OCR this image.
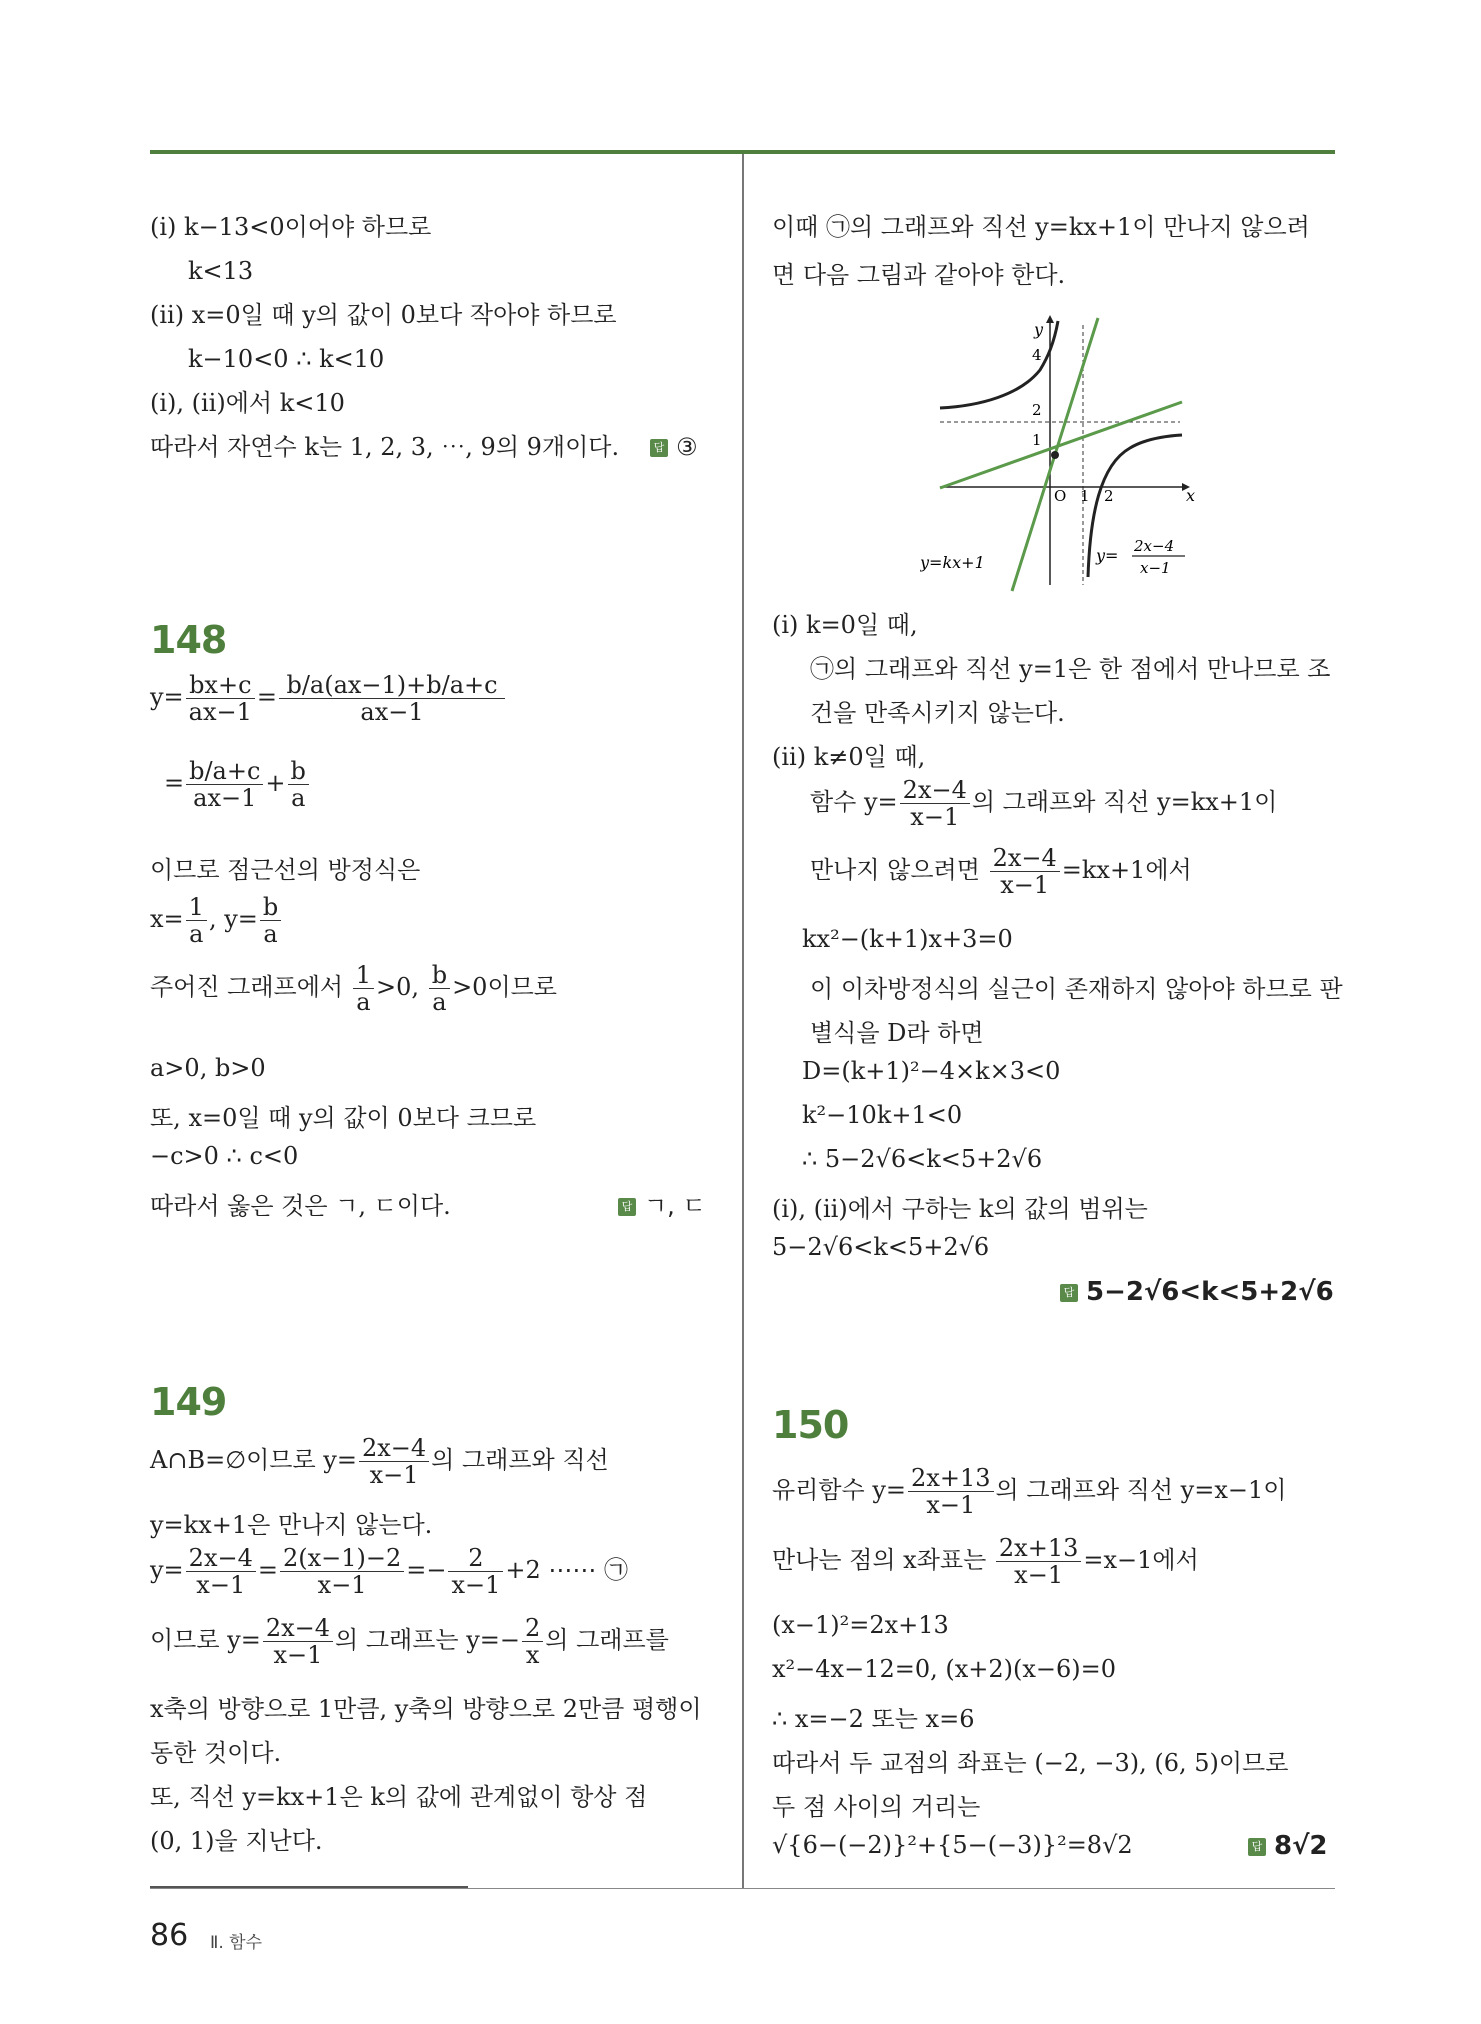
(ⅰ) k−13<0이어야 하므로
k<13
(ⅱ) x=0일 때 y의 값이 0보다 작아야 하므로
k−10<0 ∴ k<10
(ⅰ), (ⅱ)에서 k<10
따라서 자연수 k는 1, 2, 3, ⋯, 9의 9개이다.	답 ③
148
$y= \frac{bx+c}{ax-1} = \frac{b/a(ax-1)+b/a+c}{ax-1}$
= $\frac{b/a+c}{ax-1} + \frac{b}{a}$
이므로 점근선의 방정식은
$x= \frac{1}{a}$ , $y= \frac{b}{a}$
주어진 그래프에서 $\frac{1}{a} >0$, $\frac{b}{a} >0$이므로
a>0, b>0
또, x=0일 때 y의 값이 0보다 크므로
−c>0 ∴ c<0
따라서 옳은 것은 ㄱ, ㄷ이다.	답 ㄱ, ㄷ
149
A∩B=∅이므로 $y= \frac{2x-4}{x-1}$ 의 그래프와 직선
y=kx+1은 만나지 않는다.
$y= \frac{2x-4}{x-1} = \frac{2(x-1)-2}{x-1} =- \frac{2}{x-1} +2$ ⋯⋯ ㉠
이므로 $y= \frac{2x-4}{x-1}$ 의 그래프는 $y=- \frac{2}{x}$ 의 그래프를
x축의 방향으로 1만큼, y축의 방향으로 2만큼 평행이
동한 것이다.
또, 직선 y=kx+1은 k의 값에 관계없이 항상 점
(0, 1)을 지난다.
이때 ㉠의 그래프와 직선 y=kx+1이 만나지 않으려
면 다음 그림과 같아야 한다.
y
x
4
2
1
O 1 2
y=kx+1	y= 2x−4
x−1
(ⅰ) k=0일 때,
㉠의 그래프와 직선 y=1은 한 점에서 만나므로 조
건을 만족시키지 않는다.
(ⅱ) k≠0일 때,
함수 $y= \frac{2x-4}{x-1}$ 의 그래프와 직선 y=kx+1이
만나지 않으려면 $\frac{2x-4}{x-1} =kx+1$에서
kx²−(k+1)x+3=0
이 이차방정식의 실근이 존재하지 않아야 하므로 판
별식을 D라 하면
D=(k+1)²−4×k×3<0
k²−10k+1<0
∴ 5−2√6<k<5+2√6
(ⅰ), (ⅱ)에서 구하는 k의 값의 범위는
5−2√6<k<5+2√6
답 5−2√6<k<5+2√6
150
유리함수 $y= \frac{2x+13}{x-1}$ 의 그래프와 직선 y=x−1이
만나는 점의 x좌표는 $\frac{2x+13}{x-1} =x-1$에서
(x−1)²=2x+13
x²−4x−12=0, (x+2)(x−6)=0
∴ x=−2 또는 x=6
따라서 두 교점의 좌표는 (−2, −3), (6, 5)이므로
두 점 사이의 거리는
√{6−(−2)}²+{5−(−3)}²=8√2	답 8√2
86 Ⅱ. 함수
